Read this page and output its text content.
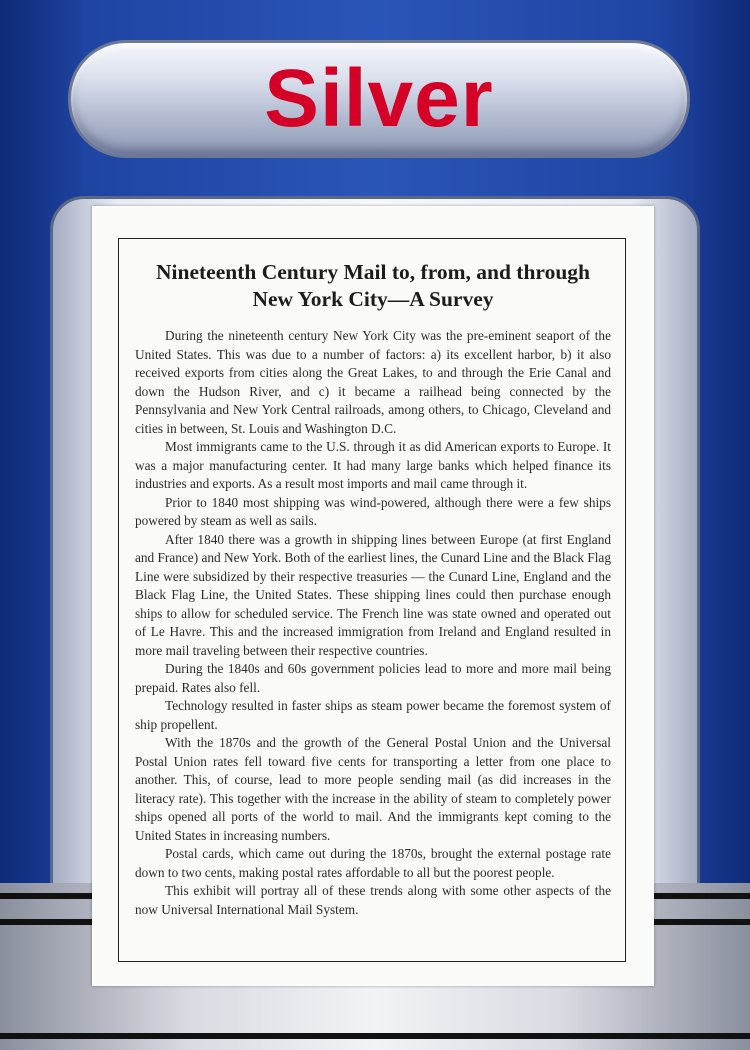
Silver
Nineteenth Century Mail to, from, and through
New York City—A Survey

During the nineteenth century New York City was the pre-eminent seaport of the United States. This was due to a number of factors: a) its excellent harbor, b) it also received exports from cities along the Great Lakes, to and through the Erie Canal and down the Hudson River, and c) it became a railhead being connected by the Pennsylvania and New York Central railroads, among others, to Chicago, Cleveland and cities in between, St. Louis and Washington D.C.

Most immigrants came to the U.S. through it as did American exports to Europe. It was a major manufacturing center. It had many large banks which helped finance its industries and exports. As a result most imports and mail came through it.

Prior to 1840 most shipping was wind-powered, although there were a few ships powered by steam as well as sails.

After 1840 there was a growth in shipping lines between Europe (at first England and France) and New York. Both of the earliest lines, the Cunard Line and the Black Flag Line were subsidized by their respective treasuries — the Cunard Line, England and the Black Flag Line, the United States. These shipping lines could then purchase enough ships to allow for scheduled service. The French line was state owned and operated out of Le Havre. This and the increased immigration from Ireland and England resulted in more mail traveling between their respective countries.

During the 1840s and 60s government policies lead to more and more mail being prepaid. Rates also fell.

Technology resulted in faster ships as steam power became the foremost system of ship propellent.

With the 1870s and the growth of the General Postal Union and the Universal Postal Union rates fell toward five cents for transporting a letter from one place to another. This, of course, lead to more people sending mail (as did increases in the literacy rate). This together with the increase in the ability of steam to completely power ships opened all ports of the world to mail. And the immigrants kept coming to the United States in increasing numbers.

Postal cards, which came out during the 1870s, brought the external postage rate down to two cents, making postal rates affordable to all but the poorest people.

This exhibit will portray all of these trends along with some other aspects of the now Universal International Mail System.
